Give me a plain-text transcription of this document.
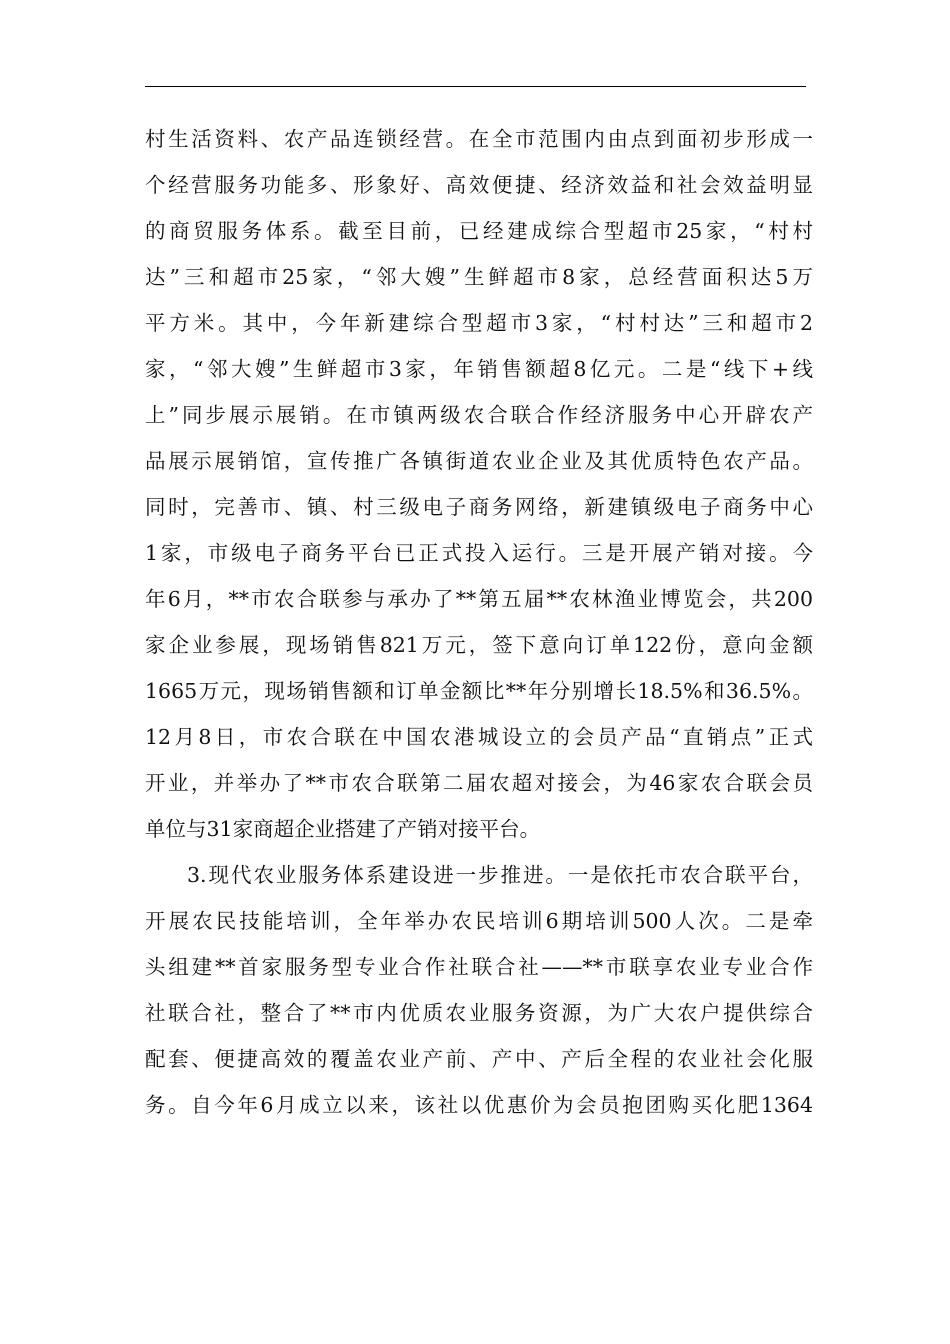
村生活资料、农产品连锁经营。在全市范围内由点到面初步形成一
个经营服务功能多、形象好、高效便捷、经济效益和社会效益明显
的商贸服务体系。截至目前，已经建成综合型超市25家，“村村
达”三和超市25家，“邻大嫂”生鲜超市8家，总经营面积达5万
平方米。其中，今年新建综合型超市3家，“村村达”三和超市2
家，“邻大嫂”生鲜超市3家，年销售额超8亿元。二是“线下+线
上”同步展示展销。在市镇两级农合联合作经济服务中心开辟农产
品展示展销馆，宣传推广各镇街道农业企业及其优质特色农产品。
同时，完善市、镇、村三级电子商务网络，新建镇级电子商务中心
1家，市级电子商务平台已正式投入运行。三是开展产销对接。今
年6月，**市农合联参与承办了**第五届**农林渔业博览会，共200
家企业参展，现场销售821万元，签下意向订单122份，意向金额
1665万元，现场销售额和订单金额比**年分别增长18.5%和36.5%。
12月8日，市农合联在中国农港城设立的会员产品“直销点”正式
开业，并举办了**市农合联第二届农超对接会，为46家农合联会员
单位与31家商超企业搭建了产销对接平台。
3.现代农业服务体系建设进一步推进。一是依托市农合联平台，
开展农民技能培训，全年举办农民培训6期培训500人次。二是牵
头组建**首家服务型专业合作社联合社——**市联享农业专业合作
社联合社，整合了**市内优质农业服务资源，为广大农户提供综合
配套、便捷高效的覆盖农业产前、产中、产后全程的农业社会化服
务。自今年6月成立以来，该社以优惠价为会员抱团购买化肥1364
